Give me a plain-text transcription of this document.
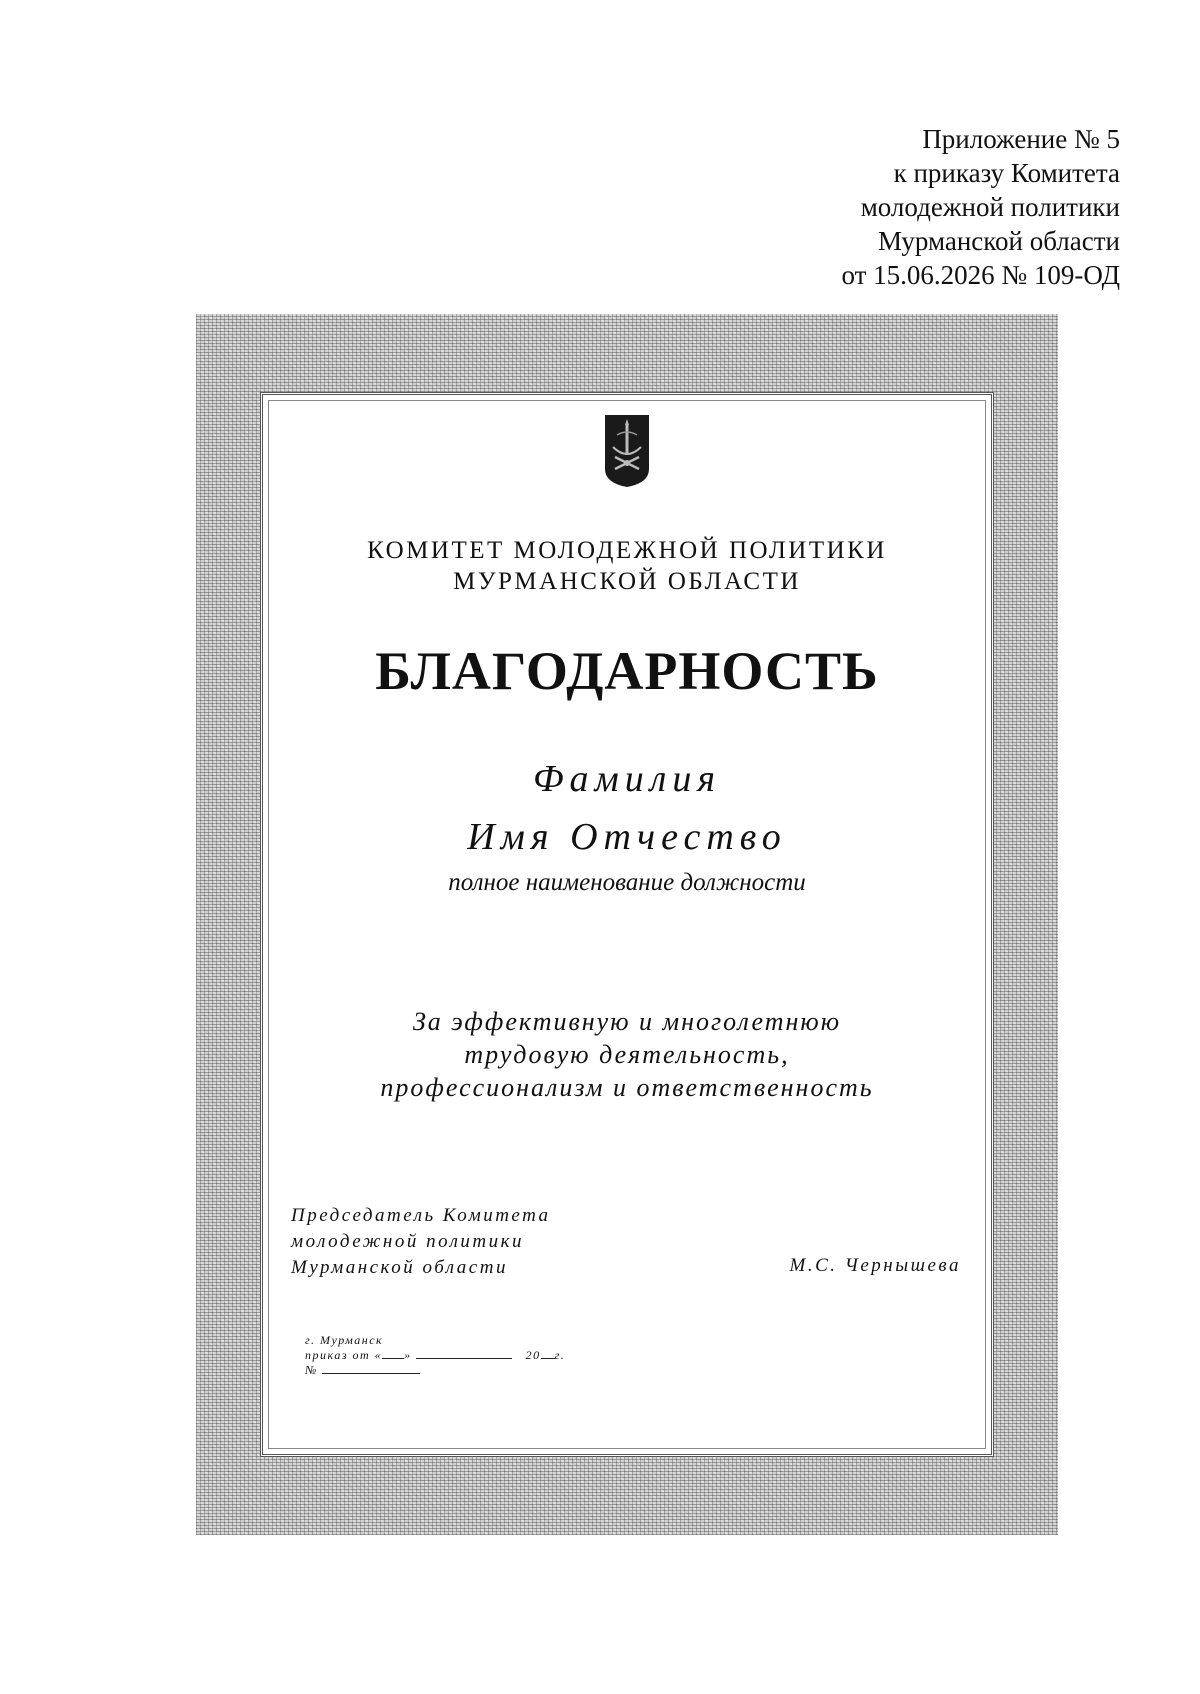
Приложение № 5
к приказу Комитета
молодежной политики
Мурманской области
от 15.06.2026 № 109-ОД
КОМИТЕТ МОЛОДЕЖНОЙ ПОЛИТИКИ
МУРМАНСКОЙ ОБЛАСТИ
БЛАГОДАРНОСТЬ
Фамилия
Имя Отчество
полное наименование должности
За эффективную и многолетнюю
трудовую деятельность,
профессионализм и ответственность
Председатель Комитета
молодежной политики
Мурманской области	М.С. Чернышева
г. Мурманск
приказ от « »	20 г.
№
